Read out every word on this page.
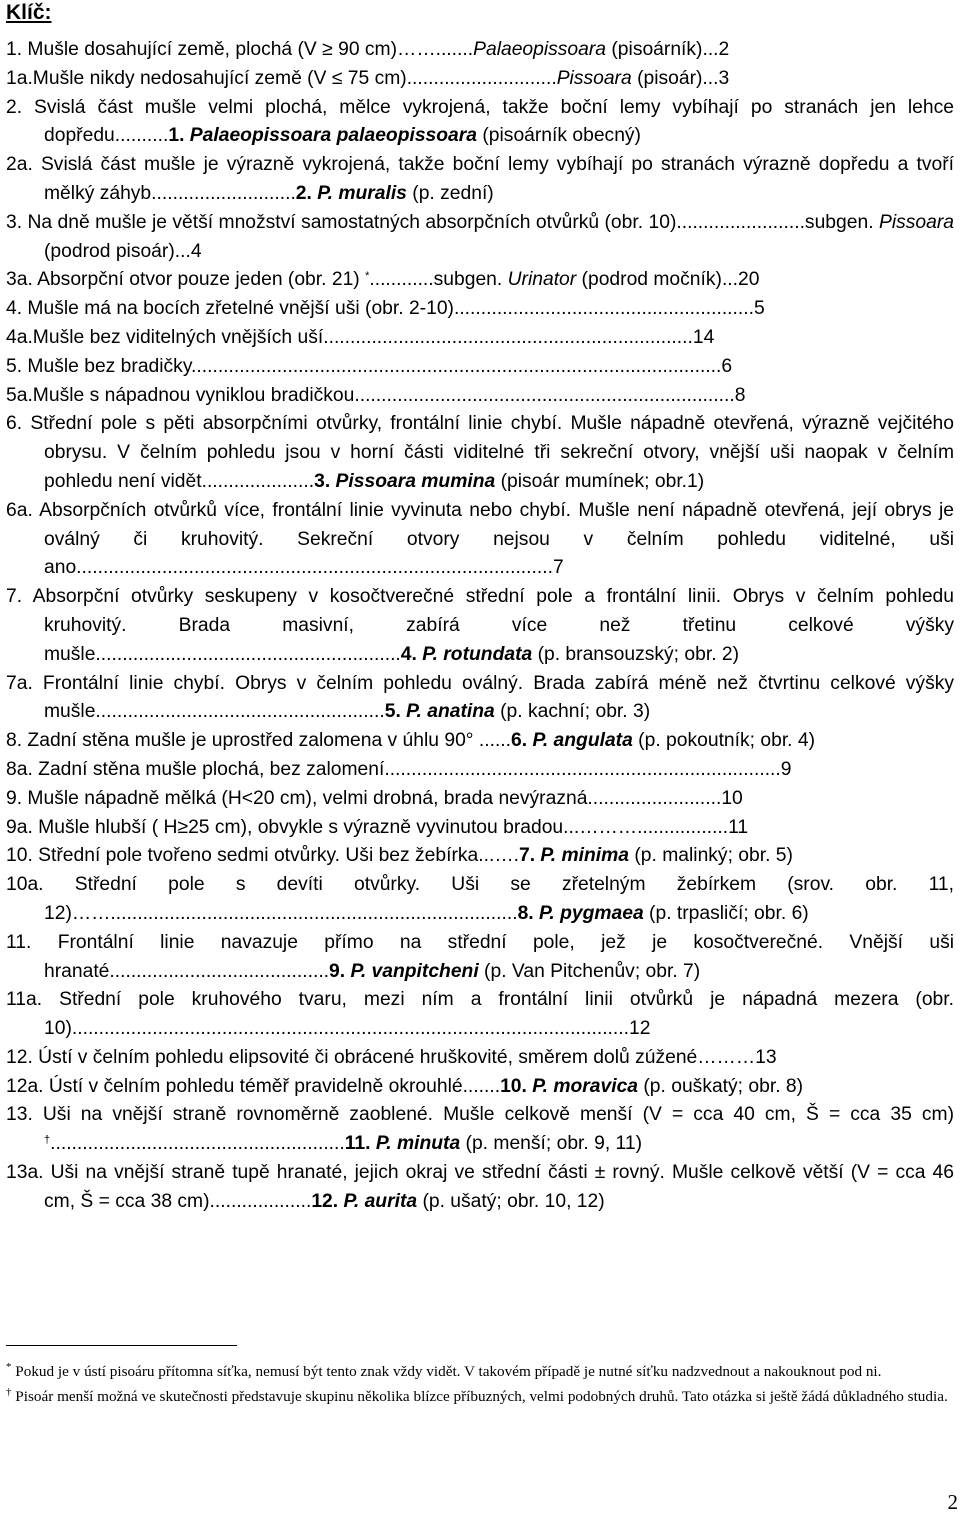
Klíč:
1. Mušle dosahující země, plochá (V ≥ 90 cm)…….......Palaeopissoara (pisoárník)...2
1a.Mušle nikdy nedosahující země (V ≤ 75 cm)............................Pissoara (pisoár)...3
2. Svislá část mušle velmi plochá, mělce vykrojená, takže boční lemy vybíhají po stranách jen lehce dopředu..........1. Palaeopissoara palaeopissoara (pisoárník obecný)
2a. Svislá část mušle je výrazně vykrojená, takže boční lemy vybíhají po stranách výrazně dopředu a tvoří mělký záhyb...........................2. P. muralis (p. zední)
3. Na dně mušle je větší množství samostatných absorpčních otvůrků (obr. 10)........................subgen. Pissoara (podrod pisoár)...4
3a. Absorpční otvor pouze jeden (obr. 21) *............subgen. Urinator (podrod močník)...20
4. Mušle má na bocích zřetelné vnější uši (obr. 2-10)........................................................5
4a.Mušle bez viditelných vnějších uší.....................................................................14
5. Mušle bez bradičky...................................................................................................6
5a.Mušle s nápadnou vyniklou bradičkou.......................................................................8
6. Střední pole s pěti absorpčními otvůrky, frontální linie chybí. Mušle nápadně otevřená, výrazně vejčitého obrysu. V čelním pohledu jsou v horní části viditelné tři sekreční otvory, vnější uši naopak v čelním pohledu není vidět.....................3. Pissoara mumina (pisoár mumínek; obr.1)
6a. Absorpčních otvůrků více, frontální linie vyvinuta nebo chybí. Mušle není nápadně otevřená, její obrys je oválný či kruhovitý. Sekreční otvory nejsou v čelním pohledu viditelné, uši ano.........................................................................................7
7. Absorpční otvůrky seskupeny v kosočtverečné střední pole a frontální linii. Obrys v čelním pohledu kruhovitý. Brada masivní, zabírá více než třetinu celkové výšky mušle.........................................................4. P. rotundata (p. bransouzský; obr. 2)
7a. Frontální linie chybí. Obrys v čelním pohledu oválný. Brada zabírá méně než čtvrtinu celkové výšky mušle......................................................5. P. anatina (p. kachní; obr. 3)
8. Zadní stěna mušle je uprostřed zalomena v úhlu 90° ......6. P. angulata (p. pokoutník; obr. 4)
8a. Zadní stěna mušle plochá, bez zalomení..........................................................................9
9. Mušle nápadně mělká (H<20 cm), velmi drobná, brada nevýrazná.........................10
9a. Mušle hlubší ( H≥25 cm), obvykle s výrazně vyvinutou bradou...……….................11
10. Střední pole tvořeno sedmi otvůrky. Uši bez žebírka...….7. P. minima (p. malinký; obr. 5)
10a. Střední pole s devíti otvůrky. Uši se zřetelným žebírkem (srov. obr. 11, 12)……............................................................................8. P. pygmaea (p. trpasličí; obr. 6)
11. Frontální linie navazuje přímo na střední pole, jež je kosočtverečné. Vnější uši hranaté.........................................9. P. vanpitcheni (p. Van Pitchenův; obr. 7)
11a. Střední pole kruhového tvaru, mezi ním a frontální linii otvůrků je nápadná mezera (obr. 10)........................................................................................................12
12. Ústí v čelním pohledu elipsovité či obrácené hruškovité, směrem dolů zúžené………13
12a. Ústí v čelním pohledu téměř pravidelně okrouhlé.......10. P. moravica (p. ouškatý; obr. 8)
13. Uši na vnější straně rovnoměrně zaoblené. Mušle celkově menší (V = cca 40 cm, Š = cca 35 cm) †.......................................................11. P. minuta (p. menší; obr. 9, 11)
13a. Uši na vnější straně tupě hranaté, jejich okraj ve střední části ± rovný. Mušle celkově větší (V = cca 46 cm, Š = cca 38 cm)...................12. P. aurita (p. ušatý; obr. 10, 12)
* Pokud je v ústí pisoáru přítomna síťka, nemusí být tento znak vždy vidět. V takovém případě je nutné síťku nadzvednout a nakouknout pod ni.
† Pisoár menší možná ve skutečnosti představuje skupinu několika blízce příbuzných, velmi podobných druhů. Tato otázka si ještě žádá důkladného studia.
2
